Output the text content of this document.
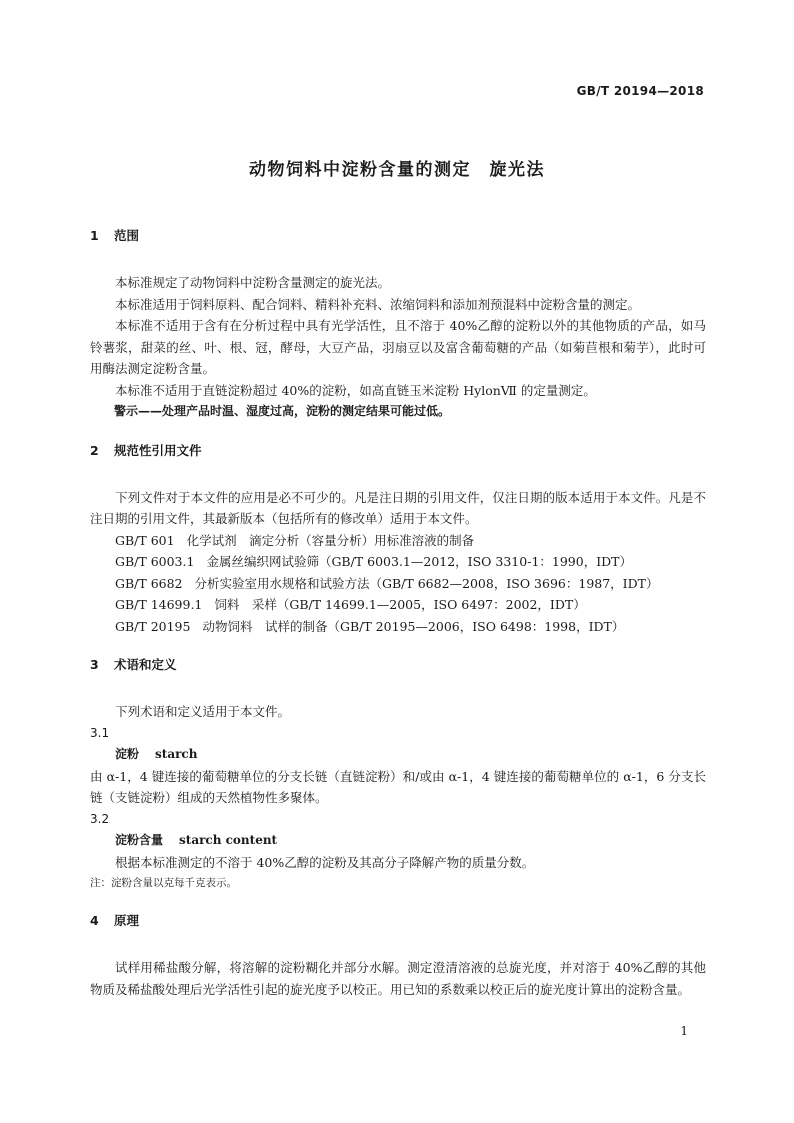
GB/T 20194—2018
动物饲料中淀粉含量的测定　旋光法
1 范围

本标准规定了动物饲料中淀粉含量测定的旋光法。

本标准适用于饲料原料、配合饲料、精料补充料、浓缩饲料和添加剂预混料中淀粉含量的测定。

本标准不适用于含有在分析过程中具有光学活性，且不溶于 40%乙醇的淀粉以外的其他物质的产品，如马铃薯浆，甜菜的丝、叶、根、冠，酵母，大豆产品，羽扇豆以及富含葡萄糖的产品（如菊苣根和菊芋），此时可用酶法测定淀粉含量。

本标准不适用于直链淀粉超过 40%的淀粉，如高直链玉米淀粉 HylonⅦ 的定量测定。

警示——处理产品时温、湿度过高，淀粉的测定结果可能过低。

2 规范性引用文件

下列文件对于本文件的应用是必不可少的。凡是注日期的引用文件，仅注日期的版本适用于本文件。凡是不注日期的引用文件，其最新版本（包括所有的修改单）适用于本文件。

GB/T 601 化学试剂　滴定分析（容量分析）用标准溶液的制备

GB/T 6003.1 金属丝编织网试验筛（GB/T 6003.1—2012，ISO 3310-1：1990，IDT）

GB/T 6682 分析实验室用水规格和试验方法（GB/T 6682—2008，ISO 3696：1987，IDT）

GB/T 14699.1 饲料　采样（GB/T 14699.1—2005，ISO 6497：2002，IDT）

GB/T 20195 动物饲料　试样的制备（GB/T 20195—2006，ISO 6498：1998，IDT）

3 术语和定义

下列术语和定义适用于本文件。

3.1

淀粉 starch

由 α-1，4 键连接的葡萄糖单位的分支长链（直链淀粉）和/或由 α-1，4 键连接的葡萄糖单位的 α-1，6 分支长链（支链淀粉）组成的天然植物性多聚体。

3.2

淀粉含量 starch content

根据本标准测定的不溶于 40%乙醇的淀粉及其高分子降解产物的质量分数。

注：淀粉含量以克每千克表示。

4 原理

试样用稀盐酸分解，将溶解的淀粉糊化并部分水解。测定澄清溶液的总旋光度，并对溶于 40%乙醇的其他物质及稀盐酸处理后光学活性引起的旋光度予以校正。用已知的系数乘以校正后的旋光度计算出的淀粉含量。

1
